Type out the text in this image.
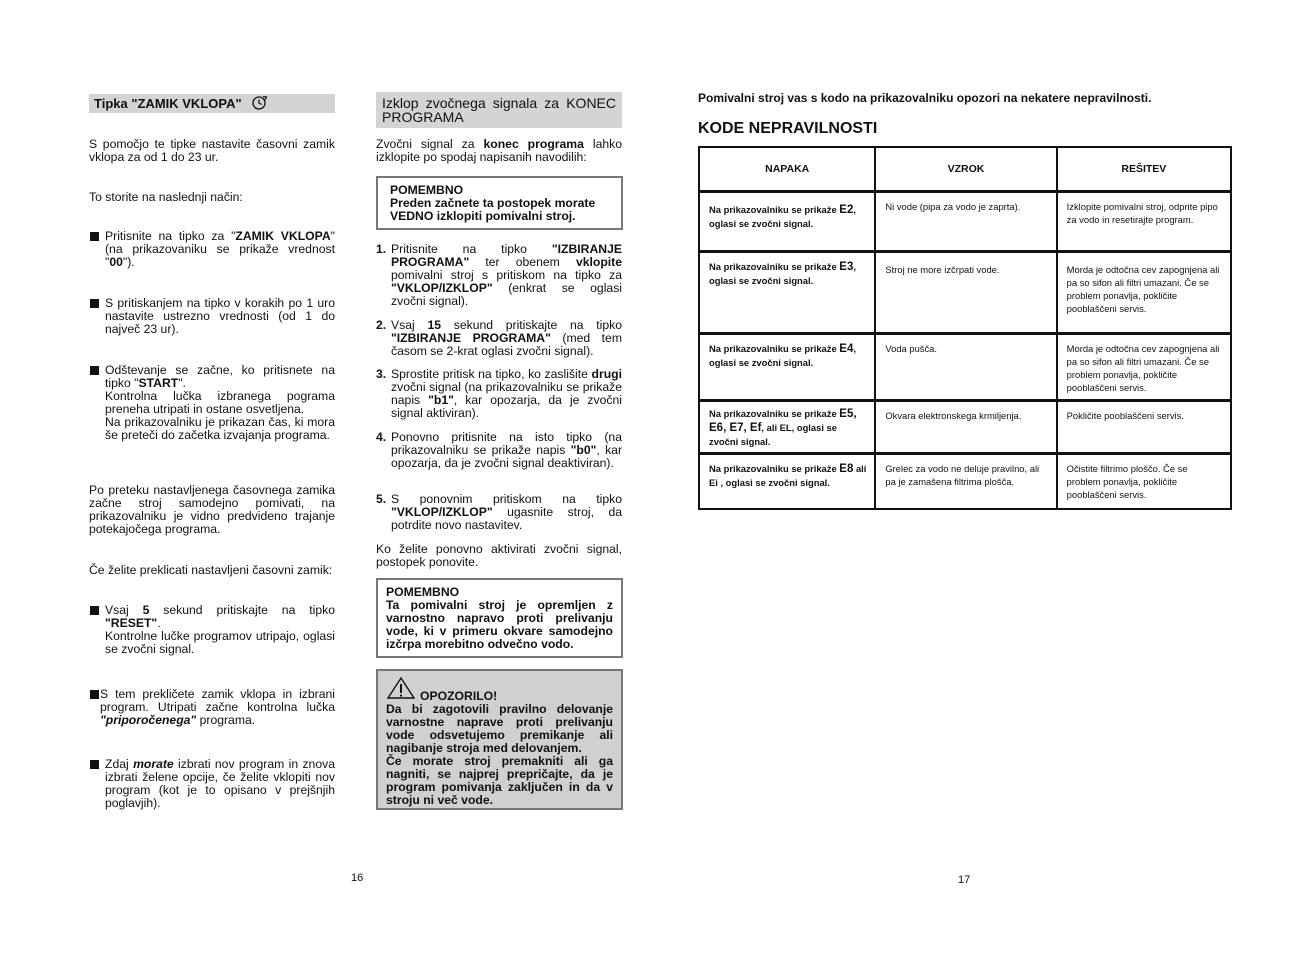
Tipka "ZAMIK VKLOPA"

S pomočjo te tipke nastavite časovni zamik vklopa za od 1 do 23 ur.

To storite na naslednji način:

Pritisnite na tipko za "ZAMIK VKLOPA" (na prikazovaniku se prikaže vrednost "00").

S pritiskanjem na tipko v korakih po 1 uro nastavite ustrezno vrednosti (od 1 do največ 23 ur).

Odštevanje se začne, ko pritisnete na tipko "START".

Kontrolna lučka izbranega pograma preneha utripati in ostane osvetljena.

Na prikazovalniku je prikazan čas, ki mora še preteči do začetka izvajanja programa.

Po preteku nastavljenega časovnega zamika začne stroj samodejno pomivati, na prikazovalniku je vidno predvideno trajanje potekajočega programa.

Če želite preklicati nastavljeni časovni zamik:

Vsaj 5 sekund pritiskajte na tipko "RESET".

Kontrolne lučke programov utripajo, oglasi se zvočni signal.

S tem prekličete zamik vklopa in izbrani program. Utripati začne kontrolna lučka "priporočenega" programa.

Zdaj morate izbrati nov program in znova izbrati želene opcije, če želite vklopiti nov program (kot je to opisano v prejšnjih poglavjih).

16
Izklop zvočnega signala za KONEC PROGRAMA

Zvočni signal za konec programa lahko izklopite po spodaj napisanih navodilih:

POMEMBNO
Preden začnete ta postopek morate VEDNO izklopiti pomivalni stroj.
1. Pritisnite na tipko "IZBIRANJE PROGRAMA" ter obenem vklopite pomivalni stroj s pritiskom na tipko za "VKLOP/IZKLOP" (enkrat se oglasi zvočni signal).

2. Vsaj 15 sekund pritiskajte na tipko "IZBIRANJE PROGRAMA" (med tem časom se 2-krat oglasi zvočni signal).

3. Sprostite pritisk na tipko, ko zaslišite drugi zvočni signal (na prikazovalniku se prikaže napis "b1", kar opozarja, da je zvočni signal aktiviran).

4. Ponovno pritisnite na isto tipko (na prikazovalniku se prikaže napis "b0", kar opozarja, da je zvočni signal deaktiviran).

5. S ponovnim pritiskom na tipko "VKLOP/IZKLOP" ugasnite stroj, da potrdite novo nastavitev.

Ko želite ponovno aktivirati zvočni signal, postopek ponovite.

POMEMBNO
Ta pomivalni stroj je opremljen z varnostno napravo proti prelivanju vode, ki v primeru okvare samodejno izčrpa morebitno odvečno vodo.
OPOZORILO!
Da bi zagotovili pravilno delovanje varnostne naprave proti prelivanju vode odsvetujemo premikanje ali nagibanje stroja med delovanjem.
Če morate stroj premakniti ali ga nagniti, se najprej prepričajte, da je program pomivanja zaključen in da v stroju ni več vode.
Pomivalni stroj vas s kodo na prikazovalniku opozori na nekatere nepravilnosti.
KODE NEPRAVILNOSTI
NAPAKA	VZROK	REŠITEV
Na prikazovalniku se prikaže E2, oglasi se zvočni signal.	Ni vode (pipa za vodo je zaprta).	Izklopite pomivalni stroj, odprite pipo za vodo in resetirajte program.
Na prikazovalniku se prikaže E3, oglasi se zvočni signal.	Stroj ne more izčrpati vode.	Morda je odtočna cev zapognjena ali pa so sifon ali filtri umazani. Če se problem ponavlja, pokličite pooblaščeni servis.
Na prikazovalniku se prikaže E4, oglasi se zvočni signal.	Voda pušča.	Morda je odtočna cev zapognjena ali pa so sifon ali filtri umazani. Če se problem ponavlja, pokličite pooblaščeni servis.
Na prikazovalniku se prikaže E5, E6, E7, Ef, ali EL, oglasi se zvočni signal.	Okvara elektronskega krmiljenja.	Pokličite pooblaščeni servis.
Na prikazovalniku se prikaže E8 ali Ei , oglasi se zvočni signal.	Grelec za vodo ne deluje pravilno, ali pa je zamašena filtrima plošča.	Očistite filtrimo ploščo. Če se problem ponavlja, pokličite pooblaščeni servis.
17
